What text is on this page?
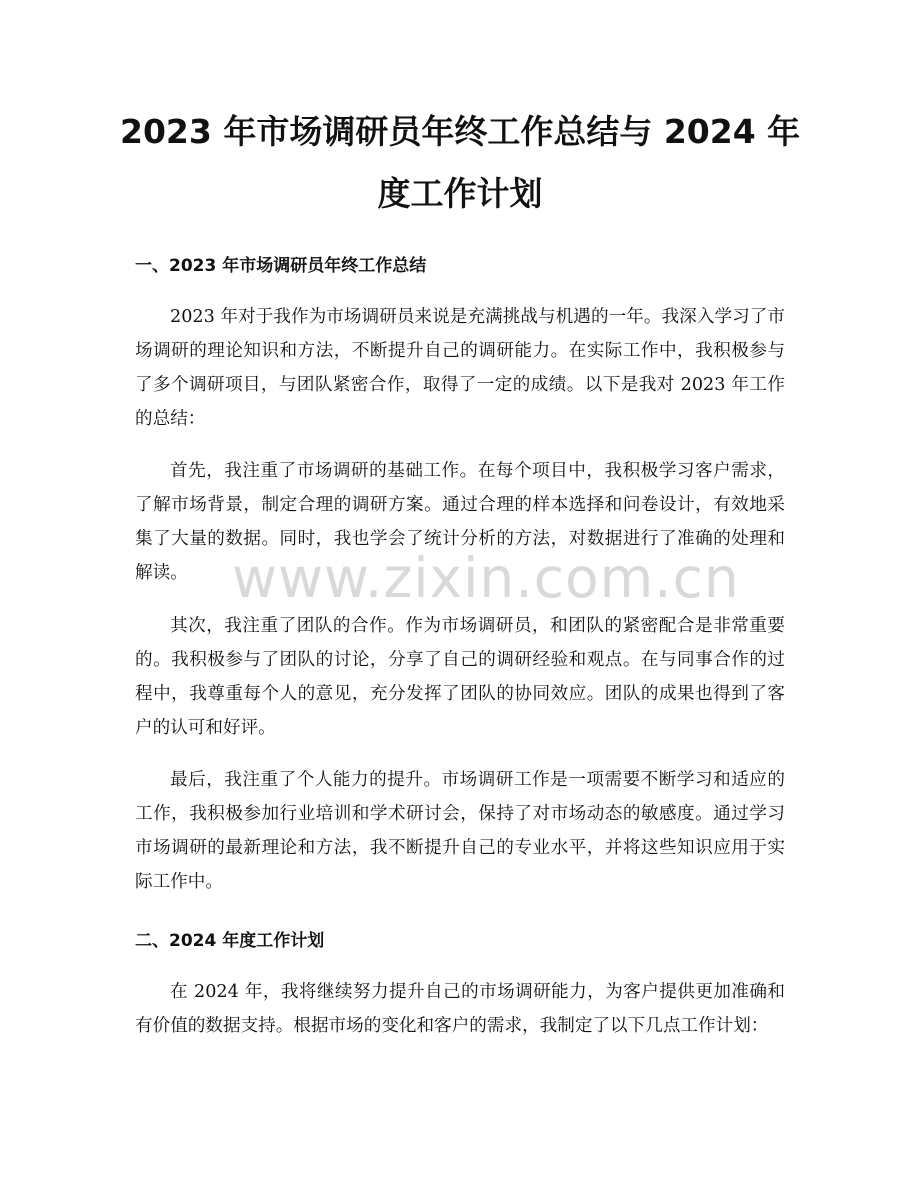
2023 年市场调研员年终工作总结与 2024 年
度工作计划
一、2023 年市场调研员年终工作总结
2023 年对于我作为市场调研员来说是充满挑战与机遇的一年。我深入学习了市
场调研的理论知识和方法，不断提升自己的调研能力。在实际工作中，我积极参与
了多个调研项目，与团队紧密合作，取得了一定的成绩。以下是我对 2023 年工作
的总结：
首先，我注重了市场调研的基础工作。在每个项目中，我积极学习客户需求，
了解市场背景，制定合理的调研方案。通过合理的样本选择和问卷设计，有效地采
集了大量的数据。同时，我也学会了统计分析的方法，对数据进行了准确的处理和
解读。
其次，我注重了团队的合作。作为市场调研员，和团队的紧密配合是非常重要
的。我积极参与了团队的讨论，分享了自己的调研经验和观点。在与同事合作的过
程中，我尊重每个人的意见，充分发挥了团队的协同效应。团队的成果也得到了客
户的认可和好评。
最后，我注重了个人能力的提升。市场调研工作是一项需要不断学习和适应的
工作，我积极参加行业培训和学术研讨会，保持了对市场动态的敏感度。通过学习
市场调研的最新理论和方法，我不断提升自己的专业水平，并将这些知识应用于实
际工作中。
二、2024 年度工作计划
在 2024 年，我将继续努力提升自己的市场调研能力，为客户提供更加准确和
有价值的数据支持。根据市场的变化和客户的需求，我制定了以下几点工作计划：
www.zixin.com.cn
